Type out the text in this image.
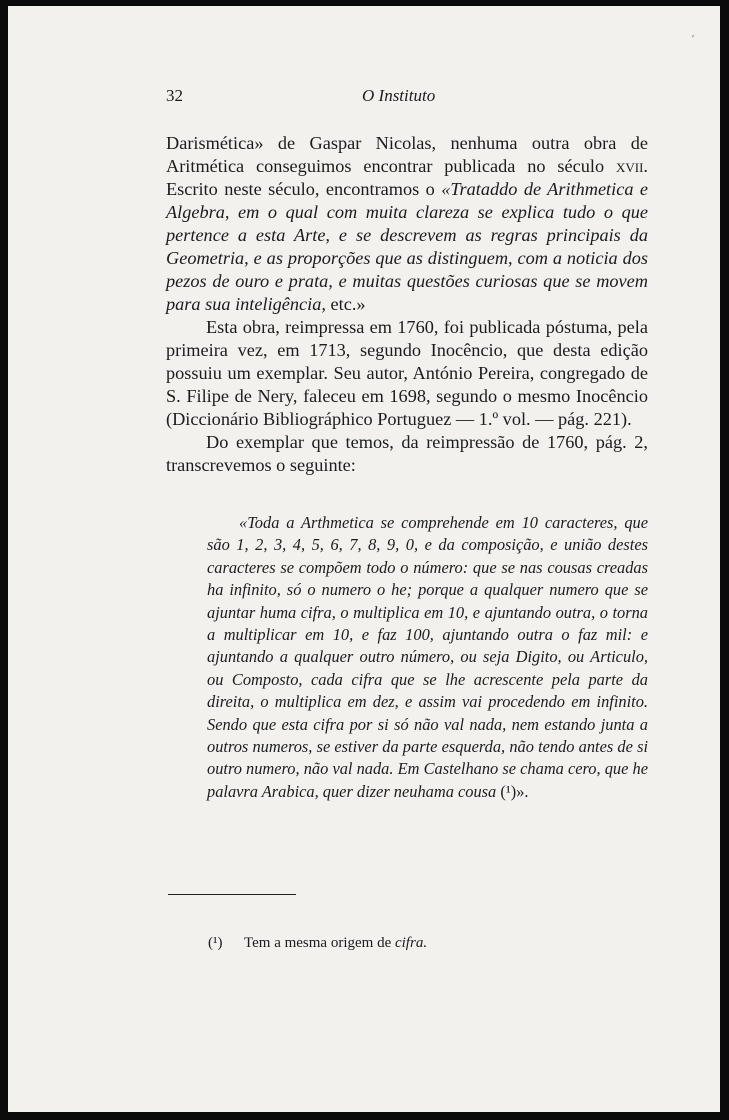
′
32	O Instituto

Darismética» de Gaspar Nicolas, nenhuma outra obra de Aritmética conseguimos encontrar publicada no século xvii. Escrito neste século, encontramos o «Trataddo de Arithmetica e Algebra, em o qual com muita clareza se explica tudo o que pertence a esta Arte, e se descrevem as regras principais da Geometria, e as proporções que as distinguem, com a noticia dos pezos de ouro e prata, e muitas questões curiosas que se movem para sua inteligência, etc.»

Esta obra, reimpressa em 1760, foi publicada póstuma, pela primeira vez, em 1713, segundo Inocêncio, que desta edição possuiu um exemplar. Seu autor, António Pereira, congregado de S. Filipe de Nery, faleceu em 1698, segundo o mesmo Inocêncio (Diccionário Bibliográphico Portuguez — 1.º vol. — pág. 221).

Do exemplar que temos, da reimpressão de 1760, pág. 2, transcrevemos o seguinte:

«Toda a Arthmetica se comprehende em 10 caracteres, que são 1, 2, 3, 4, 5, 6, 7, 8, 9, 0, e da composição, e união destes caracteres se compõem todo o número: que se nas cousas creadas ha infinito, só o numero o he; porque a qualquer numero que se ajuntar huma cifra, o multiplica em 10, e ajuntando outra, o torna a multiplicar em 10, e faz 100, ajuntando outra o faz mil: e ajuntando a qualquer outro número, ou seja Digito, ou Articulo, ou Composto, cada cifra que se lhe acrescente pela parte da direita, o multiplica em dez, e assim vai procedendo em infinito. Sendo que esta cifra por si só não val nada, nem estando junta a outros numeros, se estiver da parte esquerda, não tendo antes de si outro numero, não val nada. Em Castelhano se chama cero, que he palavra Arabica, quer dizer neuhama cousa (¹)».

(¹) Tem a mesma origem de cifra.
